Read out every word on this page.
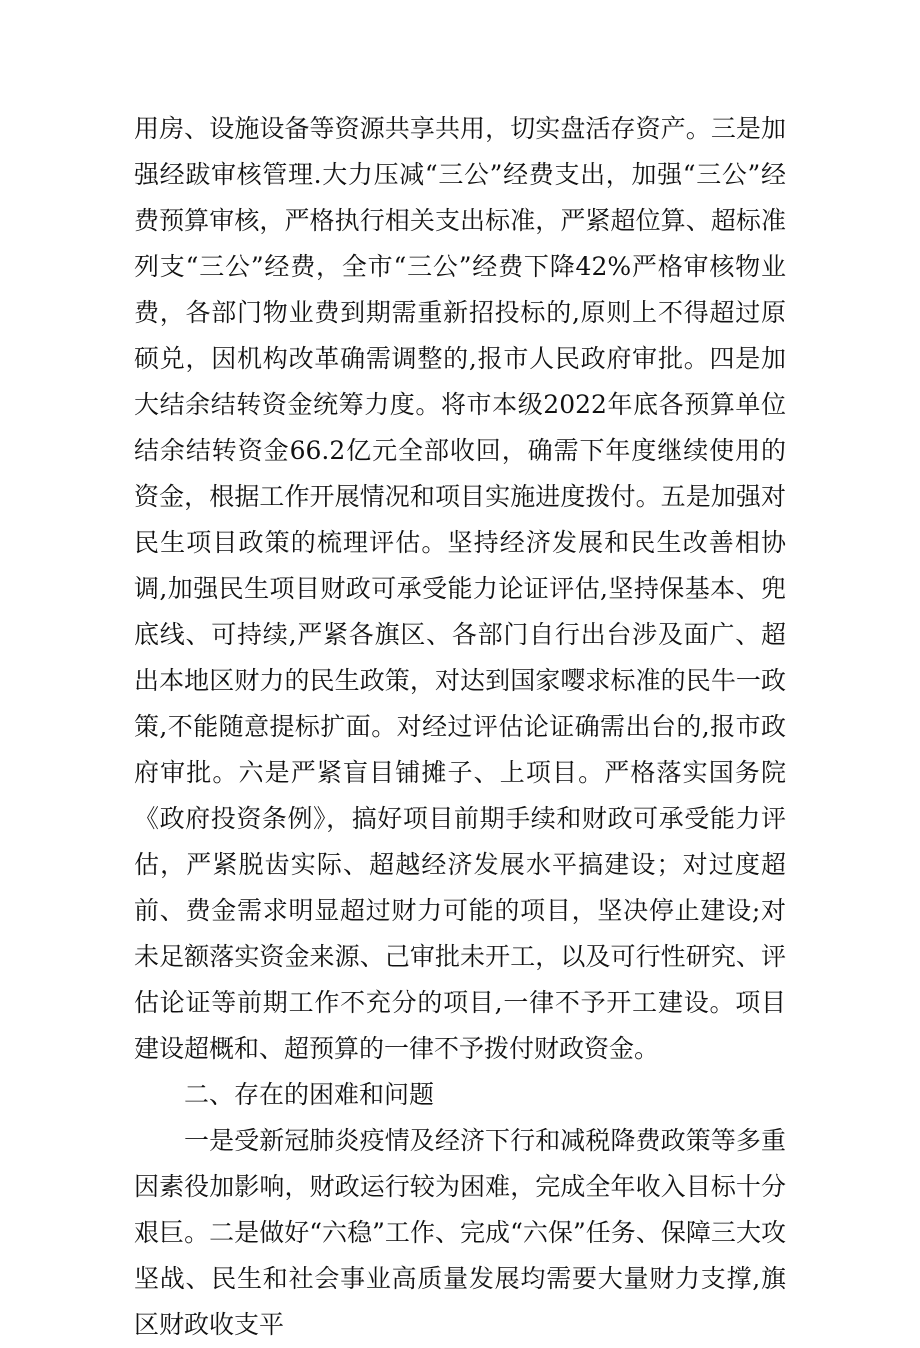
用房、设施设备等资源共享共用，切实盘活存资产。三是加强经跋审核管理.大力压减“三公”经费支出，加强“三公”经费预算审核，严格执行相关支出标准，严紧超位算、超标准列支“三公”经费，全市“三公”经费下降42%严格审核物业费，各部门物业费到期需重新招投标的,原则上不得超过原硕兑，因机构改革确需调整的,报市人民政府审批。四是加大结余结转资金统筹力度。将市本级2022年底各预算单位结余结转资金66.2亿元全部收回，确需下年度继续使用的资金，根据工作开展情况和项目实施进度拨付。五是加强对民生项目政策的梳理评估。坚持经济发展和民生改善相协调,加强民生项目财政可承受能力论证评估,坚持保基本、兜底线、可持续,严紧各旗区、各部门自行出台涉及面广、超出本地区财力的民生政策，对达到国家嘤求标准的民牛一政策,不能随意提标扩面。对经过评估论证确需出台的,报市政府审批。六是严紧盲目铺摊子、上项目。严格落实国务院《政府投资条例》，搞好项目前期手续和财政可承受能力评估，严紧脱齿实际、超越经济发展水平搞建设；对过度超前、费金需求明显超过财力可能的项目，坚决停止建设;对未足额落实资金来源、己审批未开工，以及可行性研究、评估论证等前期工作不充分的项目,一律不予开工建设。项目建设超概和、超预算的一律不予拨付财政资金。

二、存在的困难和问题

一是受新冠肺炎疫情及经济下行和减税降费政策等多重因素役加影响，财政运行较为困难，完成全年收入目标十分艰巨。二是做好“六稳”工作、完成“六保”任务、保障三大攻坚战、民生和社会事业高质量发展均需要大量财力支撑,旗区财政收支平
